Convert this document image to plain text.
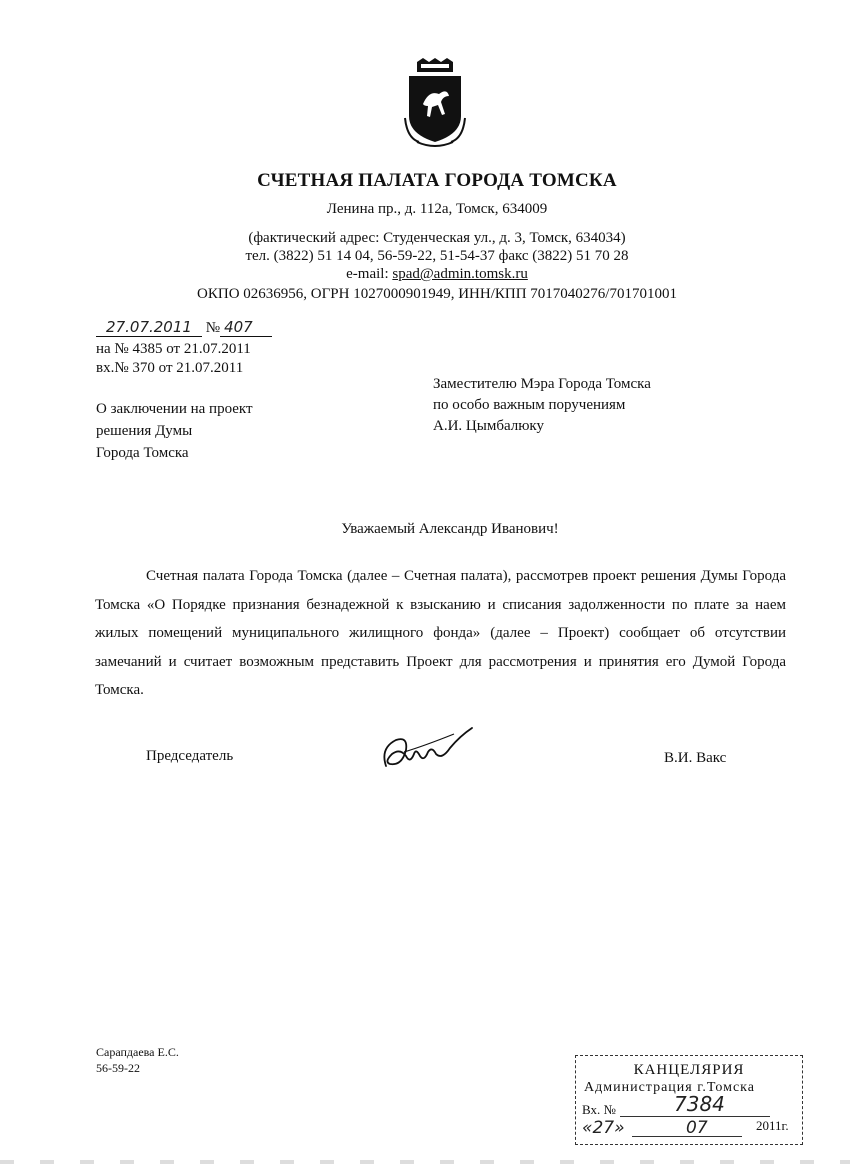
СЧЕТНАЯ ПАЛАТА ГОРОДА ТОМСКА
Ленина пр., д. 112а, Томск, 634009
(фактический адрес: Студенческая ул., д. 3, Томск, 634034)
тел. (3822) 51 14 04, 56-59-22, 51-54-37 факс (3822) 51 70 28
e-mail: spad@admin.tomsk.ru
ОКПО 02636956, ОГРН 1027000901949, ИНН/КПП 7017040276/701701001
27.07.2011 № 407
на № 4385 от 21.07.2011
вх.№ 370 от 21.07.2011
О заключении на проект
решения Думы
Города Томска
Заместителю Мэра Города Томска
по особо важным поручениям
А.И. Цымбалюку
Уважаемый Александр Иванович!
Счетная палата Города Томска (далее – Счетная палата), рассмотрев проект решения Думы Города Томска «О Порядке признания безнадежной к взысканию и списания задолженности по плате за наем жилых помещений муниципального жилищного фонда» (далее – Проект) сообщает об отсутствии замечаний и считает возможным представить Проект для рассмотрения и принятия его Думой Города Томска.
Председатель	В.И. Вакс
Сарапдаева Е.С.
56-59-22	КАНЦЕЛЯРИЯ
Администрация г.Томска
Вх. №	7384
«27»	07	2011г.
